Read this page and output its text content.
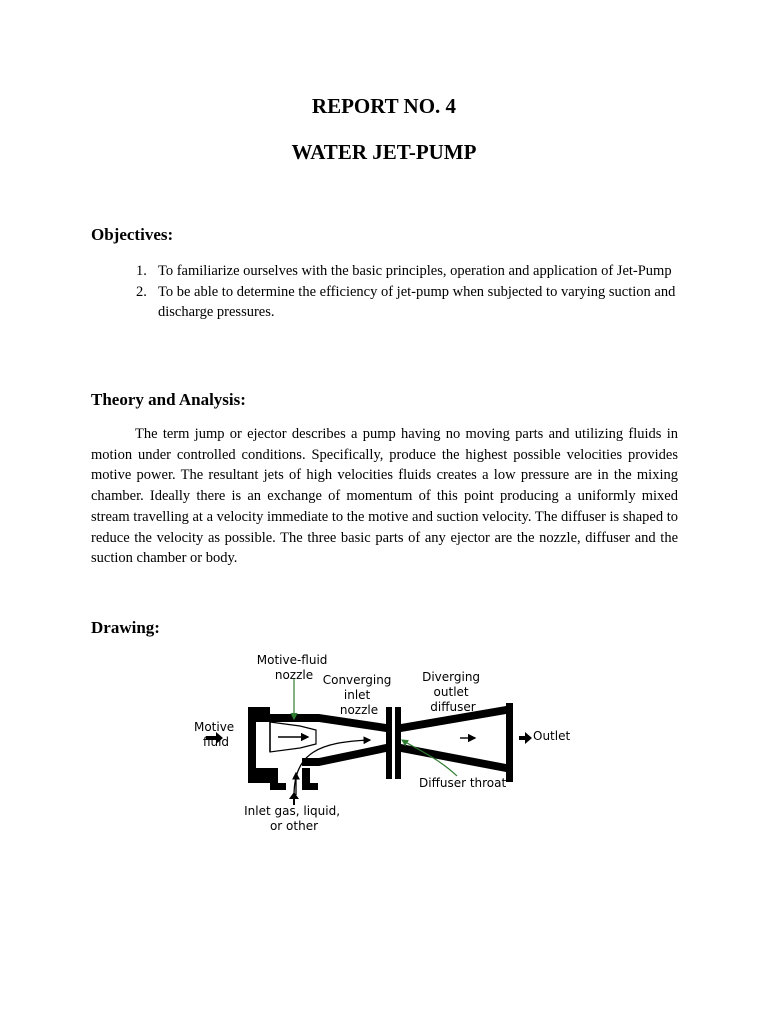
REPORT NO. 4
WATER JET-PUMP
Objectives:
1. To familiarize ourselves with the basic principles, operation and application of Jet-Pump
2. To be able to determine the efficiency of jet-pump when subjected to varying suction and discharge pressures.
Theory and Analysis:

The term jump or ejector describes a pump having no moving parts and utilizing fluids in motion under controlled conditions. Specifically, produce the highest possible velocities provides motive power. The resultant jets of high velocities fluids creates a low pressure are in the mixing chamber. Ideally there is an exchange of momentum of this point producing a uniformly mixed stream travelling at a velocity immediate to the motive and suction velocity. The diffuser is shaped to reduce the velocity as possible. The three basic parts of any ejector are the nozzle, diffuser and the suction chamber or body.

Drawing:
Motive-fluid nozzle Converging inlet nozzle
Diverging outlet diffuser
Motive fluid	Outlet
Diffuser throat
Inlet gas, liquid, or other
